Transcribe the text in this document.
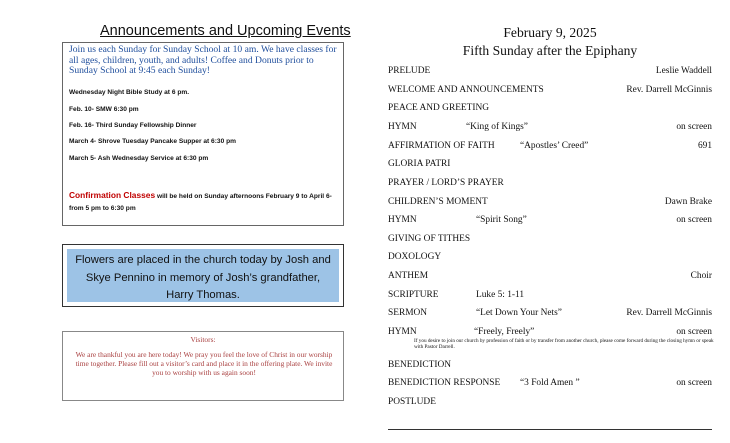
Announcements and Upcoming Events
Join us each Sunday for Sunday School at 10 am. We have classes for all ages, children, youth, and adults! Coffee and Donuts prior to Sunday School at 9:45 each Sunday!
Wednesday Night Bible Study at 6 pm.
Feb. 10- SMW 6:30 pm
Feb. 16- Third Sunday Fellowship Dinner
March 4- Shrove Tuesday Pancake Supper at 6:30 pm
March 5- Ash Wednesday Service at 6:30 pm
Confirmation Classes will be held on Sunday afternoons February 9 to April 6- from 5 pm to 6:30 pm
Flowers are placed in the church today by Josh and Skye Pennino in memory of Josh’s grandfather, Harry Thomas.
Visitors:
We are thankful you are here today! We pray you feel the love of Christ in our worship time together. Please fill out a visitor’s card and place it in the offering plate. We invite you to worship with us again soon!
February 9, 2025
Fifth Sunday after the Epiphany
PRELUDE	Leslie Waddell
WELCOME AND ANNOUNCEMENTS	Rev. Darrell McGinnis
PEACE AND GREETING
HYMN	“King of Kings”	on screen
AFFIRMATION OF FAITH	“Apostles’ Creed”	691
GLORIA PATRI
PRAYER / LORD’S PRAYER
CHILDREN’S MOMENT	Dawn Brake
HYMN	“Spirit Song”	on screen
GIVING OF TITHES
DOXOLOGY
ANTHEM	Choir
SCRIPTURE	Luke 5: 1-11
SERMON	“Let Down Your Nets”	Rev. Darrell McGinnis
HYMN	“Freely, Freely”	on screen
If you desire to join our church by profession of faith or by transfer from another church, please come forward during the closing hymn or speak with Pastor Darrell.
BENEDICTION
BENEDICTION RESPONSE “3 Fold Amen ”	on screen
POSTLUDE
